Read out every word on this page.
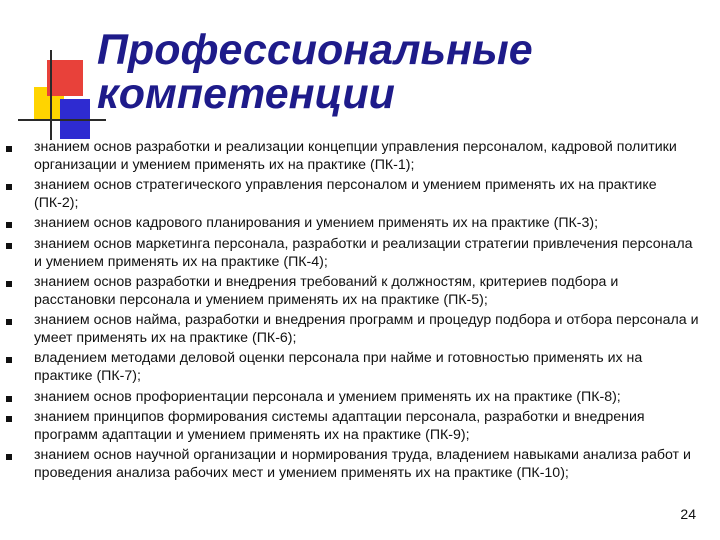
Профессиональные
компетенции
знанием основ разработки и реализации концепции управления персоналом, кадровой политики организации и умением применять их на практике (ПК-1);
знанием основ стратегического управления персоналом и умением применять их на практике (ПК-2);
знанием основ кадрового планирования и умением применять их на практике (ПК-3);
знанием основ маркетинга персонала, разработки и реализации стратегии привлечения персонала и умением применять их на практике (ПК-4);
знанием основ разработки и внедрения требований к должностям, критериев подбора и расстановки персонала и умением применять их на практике (ПК-5);
знанием основ найма, разработки и внедрения программ и процедур подбора и отбора персонала и умеет применять их на практике (ПК-6);
владением методами деловой оценки персонала при найме и готовностью применять их на практике (ПК-7);
знанием основ профориентации персонала и умением применять их на практике (ПК-8);
знанием принципов формирования системы адаптации персонала, разработки и внедрения программ адаптации и умением применять их на практике (ПК-9);
знанием основ научной организации и нормирования труда, владением навыками анализа работ и проведения анализа рабочих мест и умением применять их на практике (ПК-10);
24
